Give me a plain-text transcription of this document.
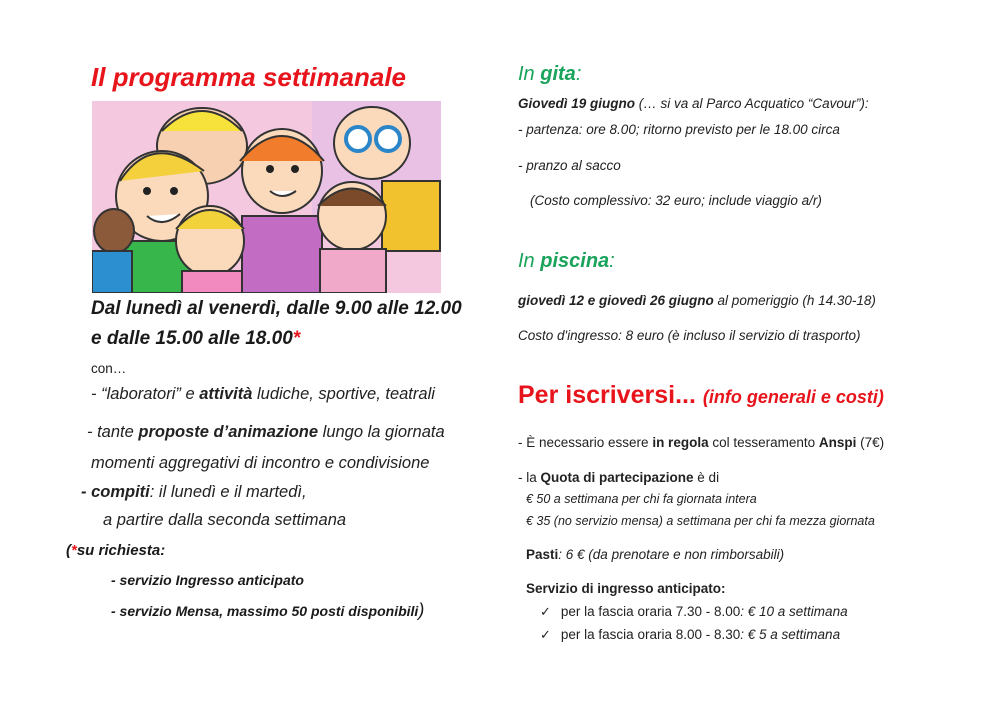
Il programma settimanale
Dal lunedì al venerdì, dalle 9.00 alle 12.00
e dalle 15.00 alle 18.00*
con…
- “laboratori” e attività ludiche, sportive, teatrali
- tante proposte d’animazione lungo la giornata
momenti aggregativi di incontro e condivisione
- compiti: il lunedì e il martedì,
a partire dalla seconda settimana
(*su richiesta:
- servizio Ingresso anticipato
- servizio Mensa, massimo 50 posti disponibili)
In gita:
Giovedì 19 giugno (… si va al Parco Acquatico “Cavour”):
- partenza: ore 8.00; ritorno previsto per le 18.00 circa
- pranzo al sacco
(Costo complessivo: 32 euro; include viaggio a/r)
In piscina:
giovedì 12 e giovedì 26 giugno al pomeriggio (h 14.30-18)
Costo d'ingresso: 8 euro (è incluso il servizio di trasporto)
Per iscriversi... (info generali e costi)
- È necessario essere in regola col tesseramento Anspi (7€)
- la Quota di partecipazione è di
€ 50 a settimana per chi fa giornata intera
€ 35 (no servizio mensa) a settimana per chi fa mezza giornata
Pasti: 6 € (da prenotare e non rimborsabili)
Servizio di ingresso anticipato:
✓ per la fascia oraria 7.30 - 8.00: € 10 a settimana
✓ per la fascia oraria 8.00 - 8.30: € 5 a settimana
